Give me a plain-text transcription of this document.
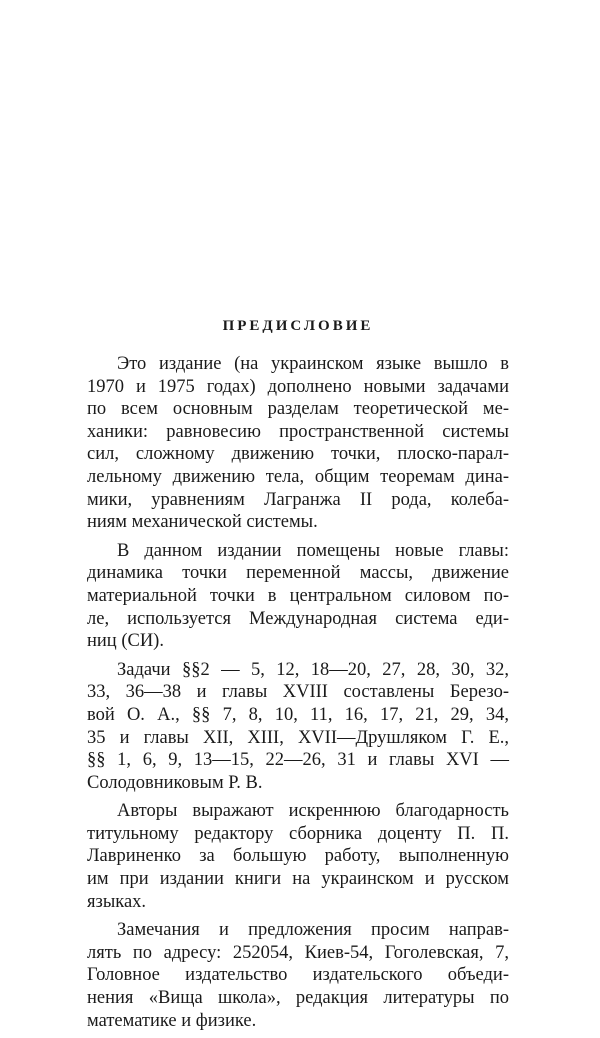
ПРЕДИСЛОВИЕ
Это издание (на украинском языке вышло в
1970 и 1975 годах) дополнено новыми задачами
по всем основным разделам теоретической ме-
ханики: равновесию пространственной системы
сил, сложному движению точки, плоско-парал-
лельному движению тела, общим теоремам дина-
мики, уравнениям Лагранжа II рода, колеба-
ниям механической системы.
В данном издании помещены новые главы:
динамика точки переменной массы, движение
материальной точки в центральном силовом по-
ле, используется Международная система еди-
ниц (СИ).
Задачи §§2 — 5, 12, 18—20, 27, 28, 30, 32,
33, 36—38 и главы XVIII составлены Березо-
вой О. А., §§ 7, 8, 10, 11, 16, 17, 21, 29, 34,
35 и главы XII, XIII, XVII—Друшляком Г. Е.,
§§ 1, 6, 9, 13—15, 22—26, 31 и главы XVI —
Солодовниковым Р. В.
Авторы выражают искреннюю благодарность
титульному редактору сборника доценту П. П.
Лавриненко за большую работу, выполненную
им при издании книги на украинском и русском
языках.
Замечания и предложения просим направ-
лять по адресу: 252054, Киев-54, Гоголевская, 7,
Головное издательство издательского объеди-
нения «Вища школа», редакция литературы по
математике и физике.
